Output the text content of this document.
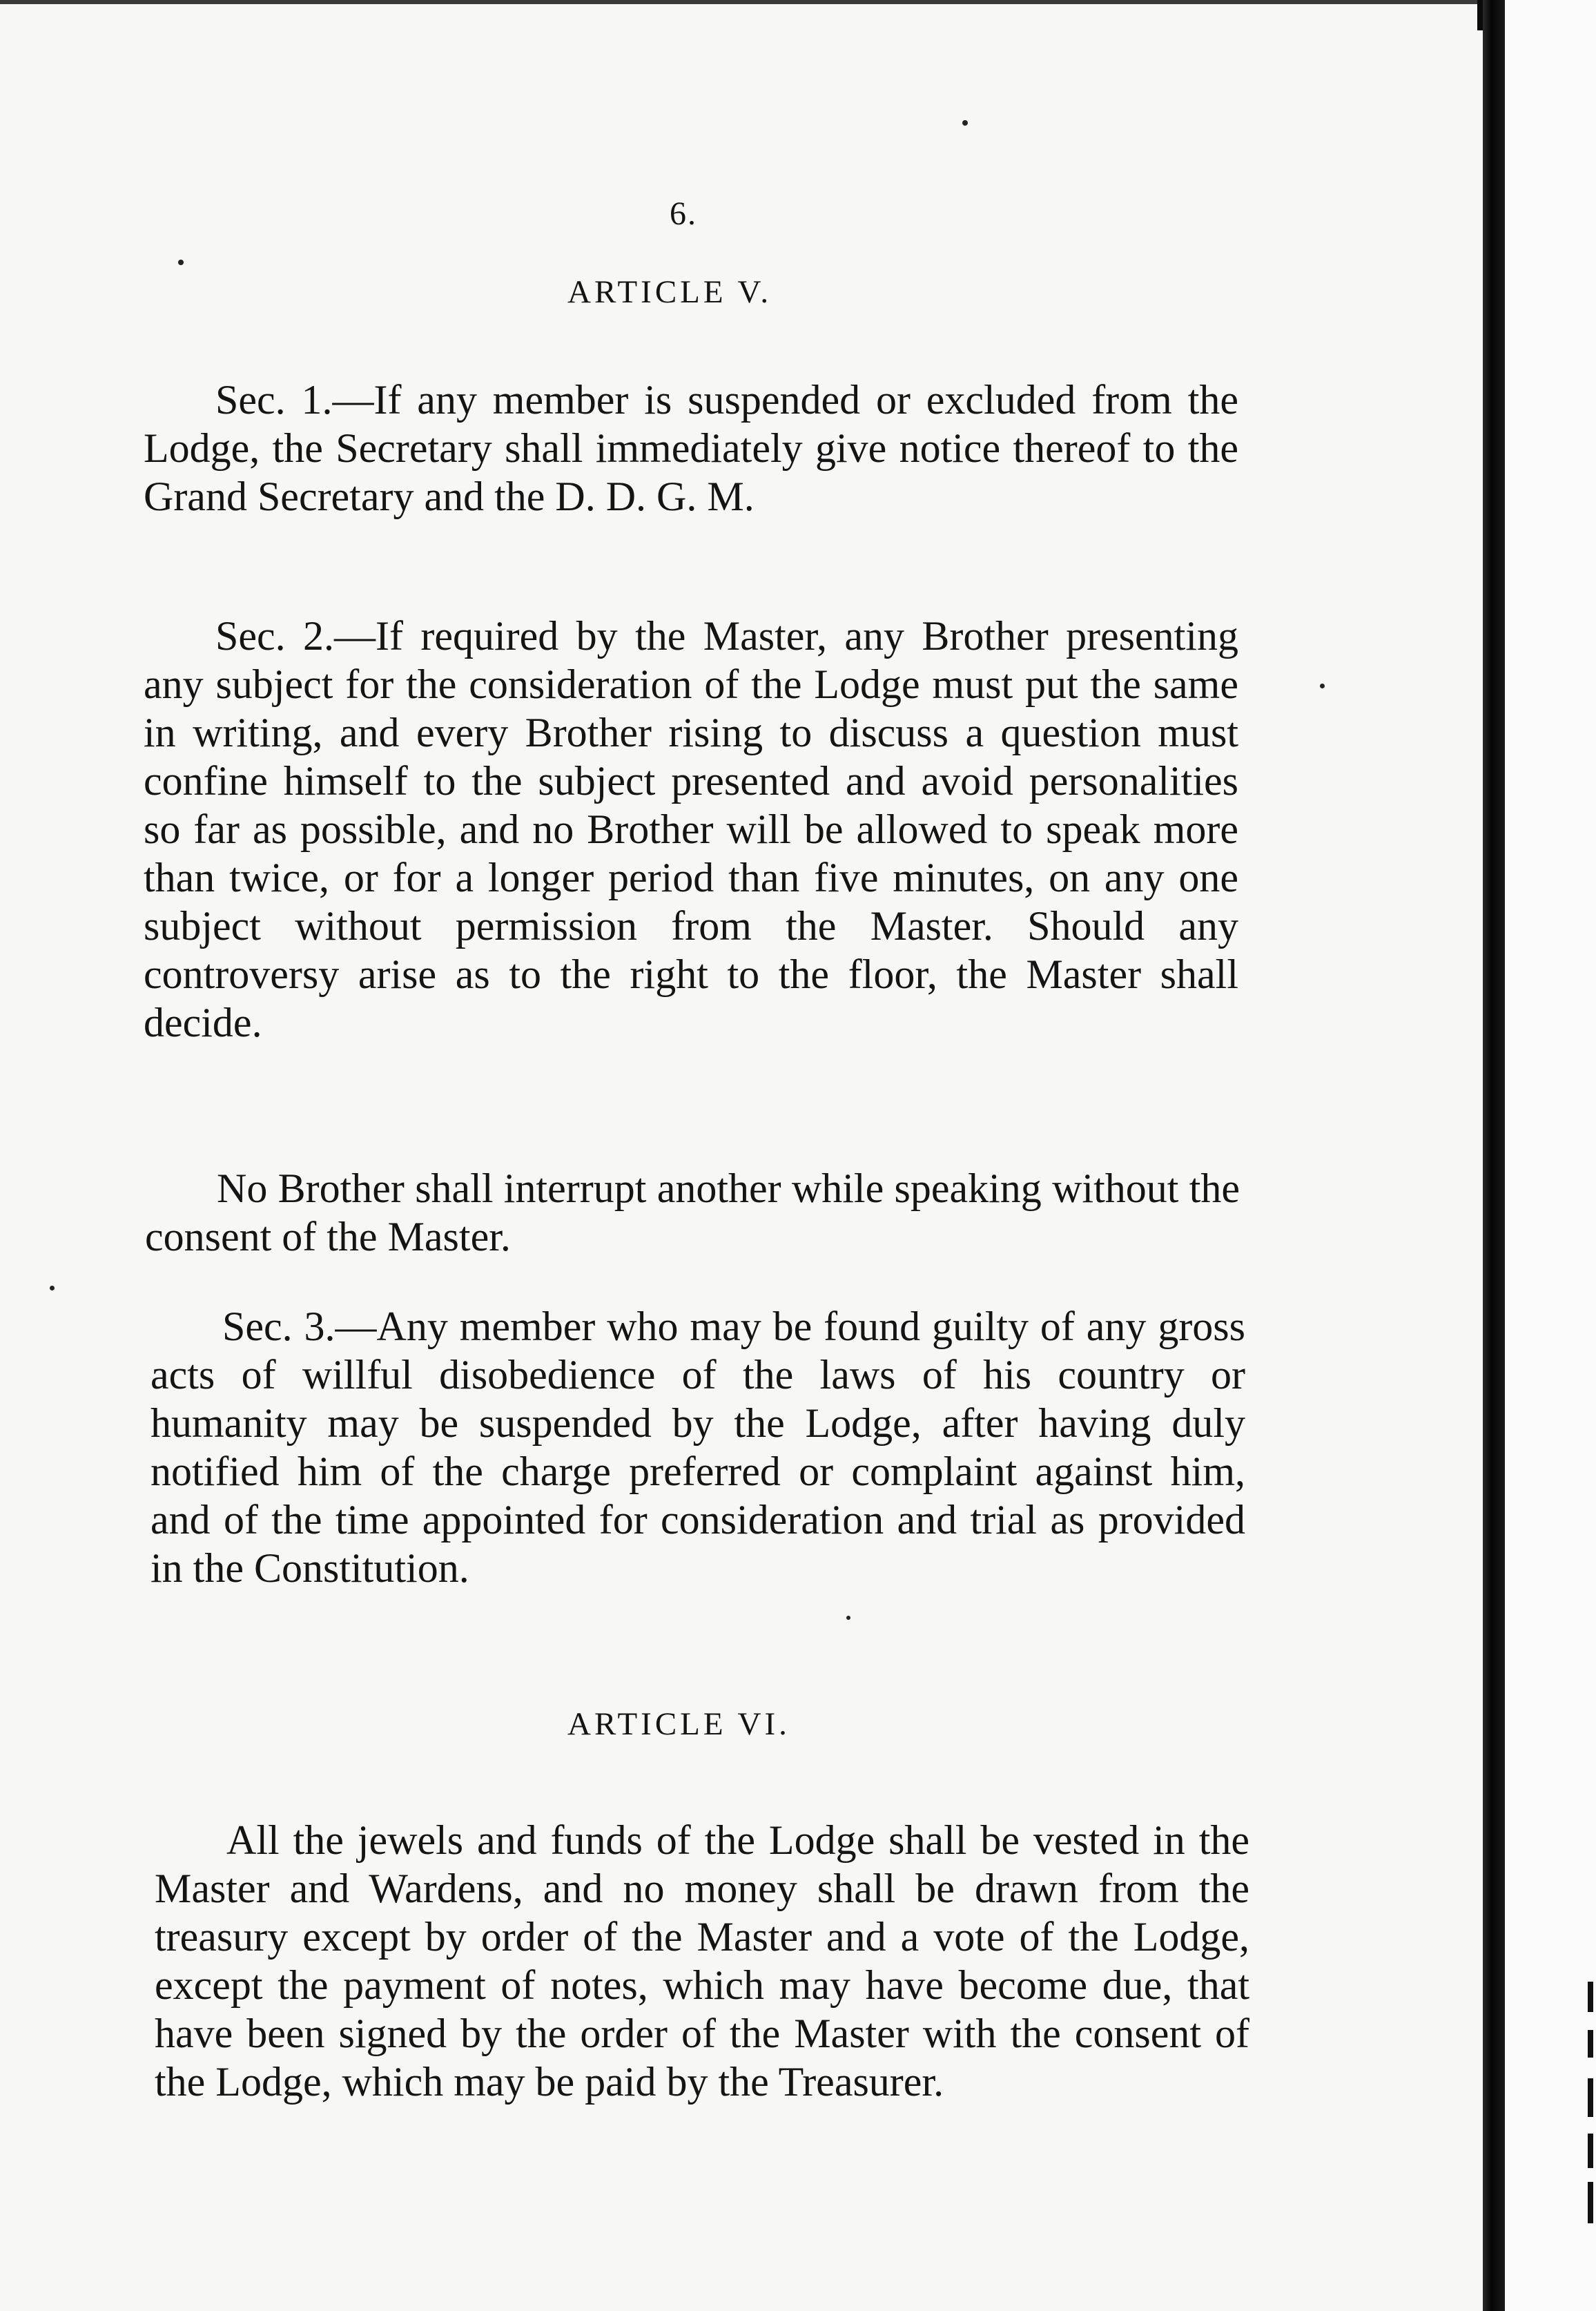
6.
ARTICLE V.
Sec. 1.—If any member is suspended or excluded from the Lodge, the Secretary shall immediately give notice thereof to the Grand Secretary and the D. D. G. M.
Sec. 2.—If required by the Master, any Brother presenting any subject for the consideration of the Lodge must put the same in writing, and every Brother rising to discuss a question must confine himself to the subject presented and avoid personalities so far as possible, and no Brother will be allowed to speak more than twice, or for a longer period than five minutes, on any one subject without permission from the Master. Should any controversy arise as to the right to the floor, the Master shall decide.
No Brother shall interrupt another while speaking without the consent of the Master.
Sec. 3.—Any member who may be found guilty of any gross acts of willful disobedience of the laws of his country or humanity may be suspended by the Lodge, after having duly notified him of the charge preferred or complaint against him, and of the time appointed for consideration and trial as provided in the Constitution.
ARTICLE VI.
All the jewels and funds of the Lodge shall be vested in the Master and Wardens, and no money shall be drawn from the treasury except by order of the Master and a vote of the Lodge, except the payment of notes, which may have become due, that have been signed by the order of the Master with the consent of the Lodge, which may be paid by the Treasurer.
